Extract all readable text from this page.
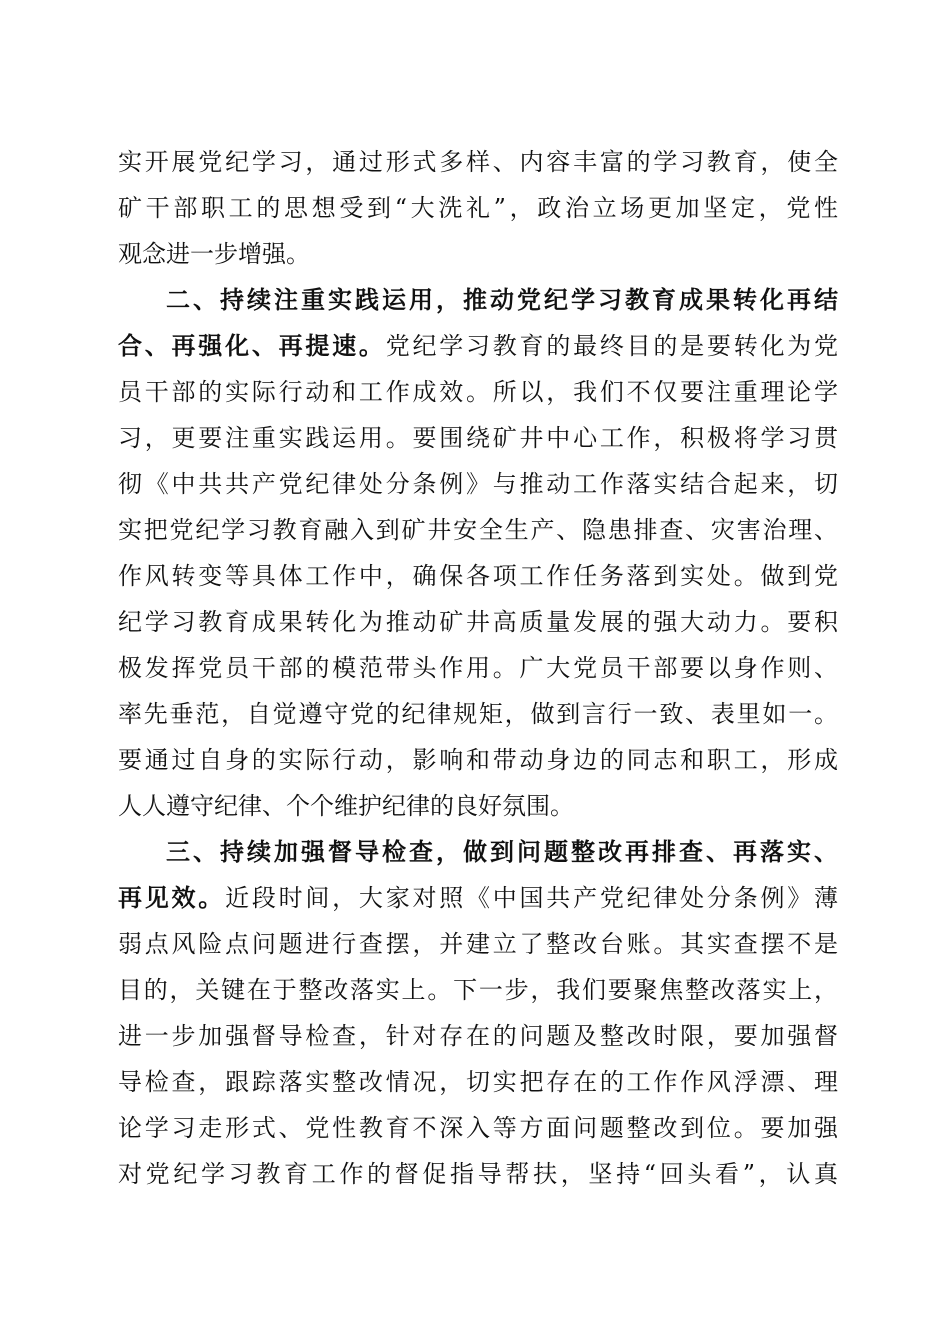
实开展党纪学习，通过形式多样、内容丰富的学习教育，使全
矿干部职工的思想受到“大洗礼”，政治立场更加坚定，党性
观念进一步增强。
二、持续注重实践运用，推动党纪学习教育成果转化再结
合、再强化、再提速。党纪学习教育的最终目的是要转化为党
员干部的实际行动和工作成效。所以，我们不仅要注重理论学
习，更要注重实践运用。要围绕矿井中心工作，积极将学习贯
彻《中共共产党纪律处分条例》与推动工作落实结合起来，切
实把党纪学习教育融入到矿井安全生产、隐患排查、灾害治理、
作风转变等具体工作中，确保各项工作任务落到实处。做到党
纪学习教育成果转化为推动矿井高质量发展的强大动力。要积
极发挥党员干部的模范带头作用。广大党员干部要以身作则、
率先垂范，自觉遵守党的纪律规矩，做到言行一致、表里如一。
要通过自身的实际行动，影响和带动身边的同志和职工，形成
人人遵守纪律、个个维护纪律的良好氛围。
三、持续加强督导检查，做到问题整改再排查、再落实、
再见效。近段时间，大家对照《中国共产党纪律处分条例》薄
弱点风险点问题进行查摆，并建立了整改台账。其实查摆不是
目的，关键在于整改落实上。下一步，我们要聚焦整改落实上，
进一步加强督导检查，针对存在的问题及整改时限，要加强督
导检查，跟踪落实整改情况，切实把存在的工作作风浮漂、理
论学习走形式、党性教育不深入等方面问题整改到位。要加强
对党纪学习教育工作的督促指导帮扶，坚持“回头看”，认真
